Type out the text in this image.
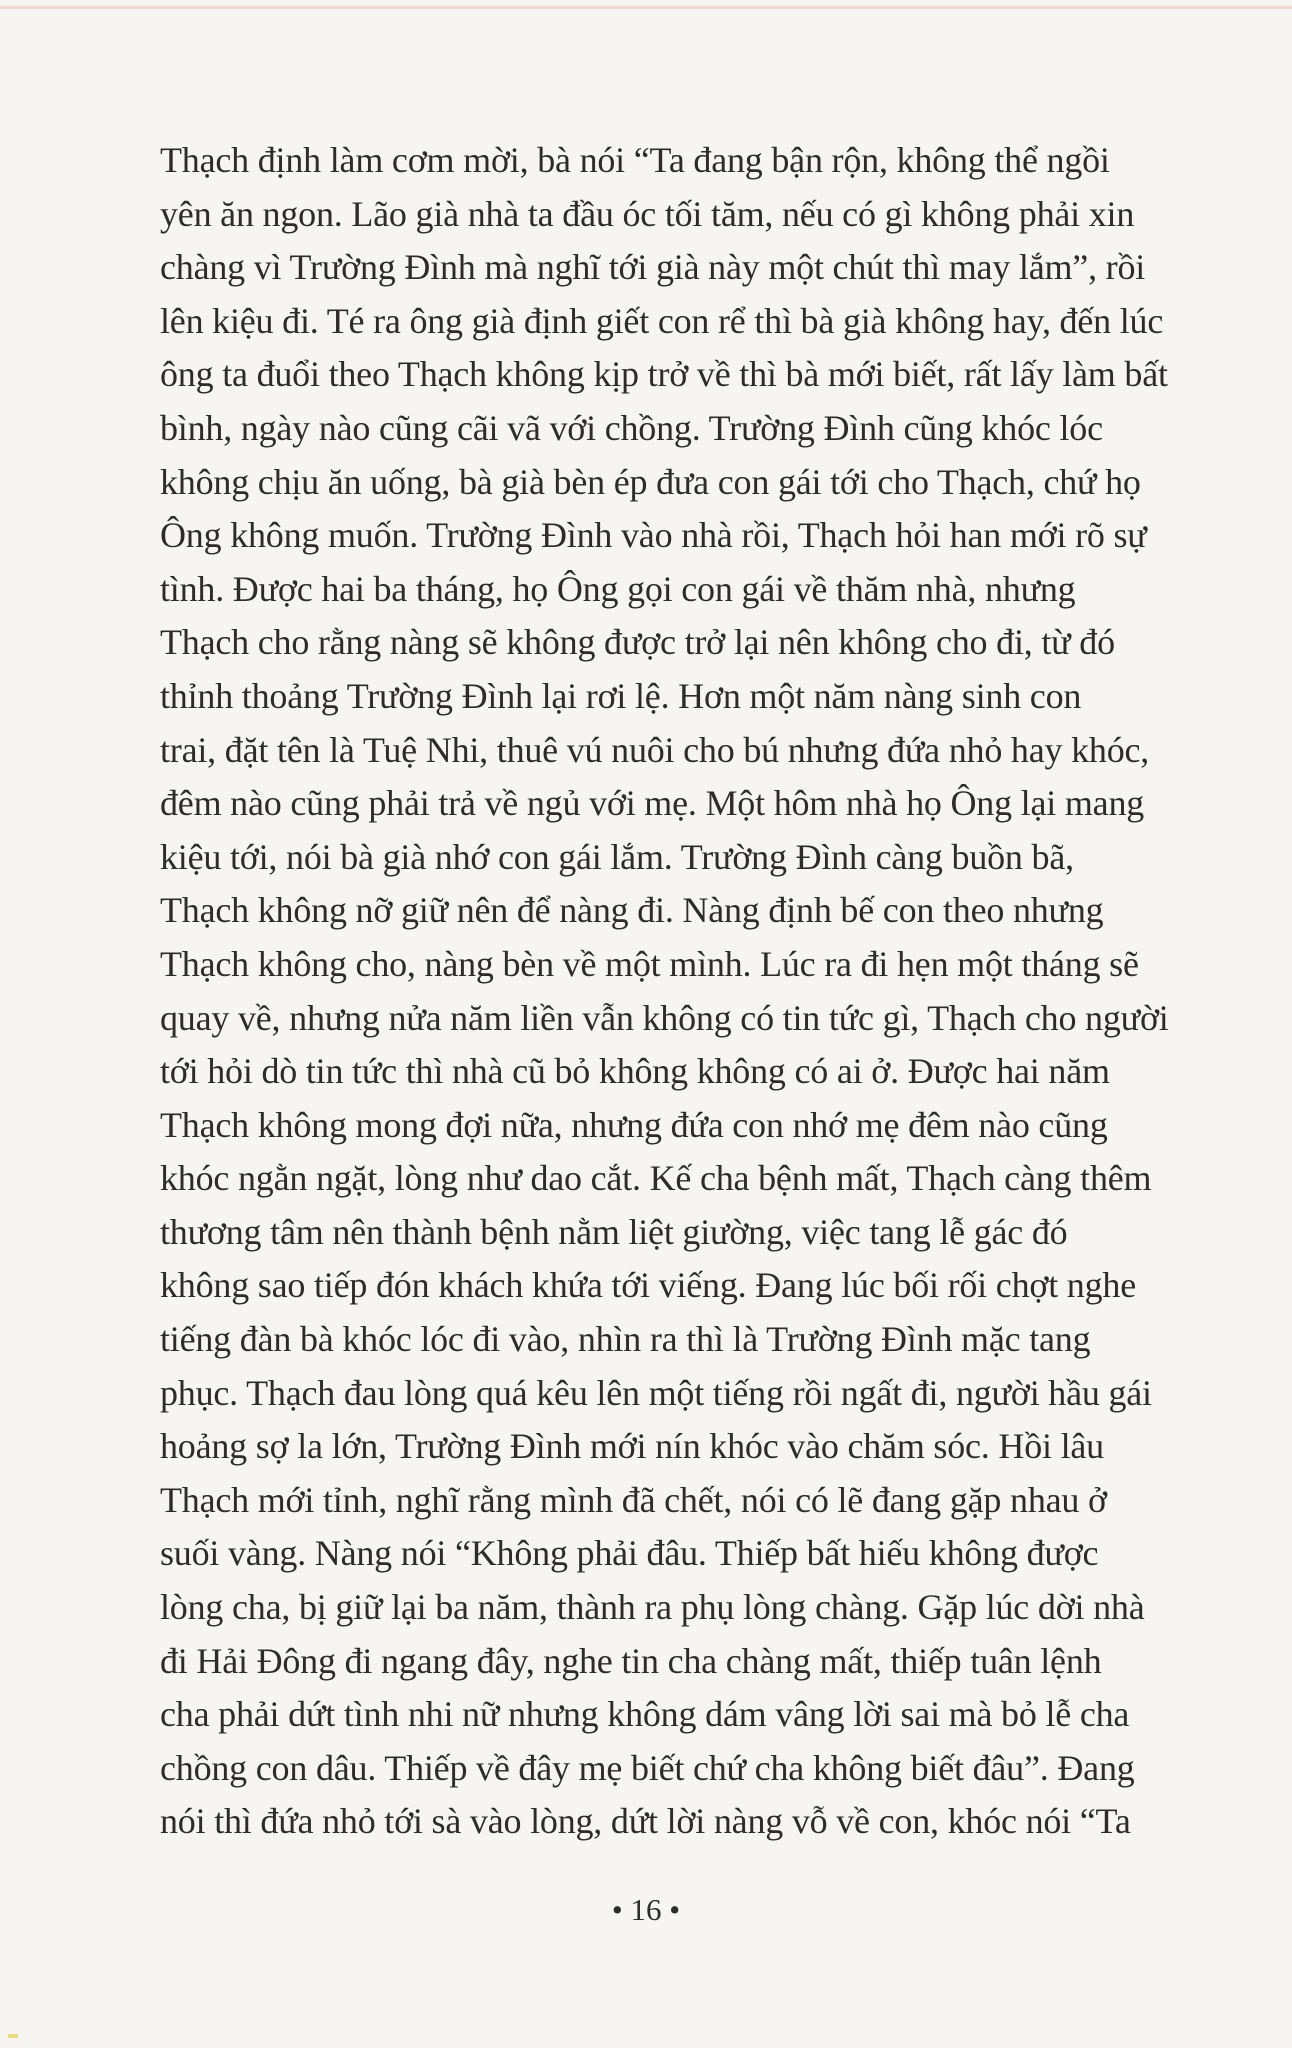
Thạch định làm cơm mời, bà nói “Ta đang bận rộn, không thể ngồi
yên ăn ngon. Lão già nhà ta đầu óc tối tăm, nếu có gì không phải xin
chàng vì Trường Đình mà nghĩ tới già này một chút thì may lắm”, rồi
lên kiệu đi. Té ra ông già định giết con rể thì bà già không hay, đến lúc
ông ta đuổi theo Thạch không kịp trở về thì bà mới biết, rất lấy làm bất
bình, ngày nào cũng cãi vã với chồng. Trường Đình cũng khóc lóc
không chịu ăn uống, bà già bèn ép đưa con gái tới cho Thạch, chứ họ
Ông không muốn. Trường Đình vào nhà rồi, Thạch hỏi han mới rõ sự
tình. Được hai ba tháng, họ Ông gọi con gái về thăm nhà, nhưng
Thạch cho rằng nàng sẽ không được trở lại nên không cho đi, từ đó
thỉnh thoảng Trường Đình lại rơi lệ. Hơn một năm nàng sinh con
trai, đặt tên là Tuệ Nhi, thuê vú nuôi cho bú nhưng đứa nhỏ hay khóc,
đêm nào cũng phải trả về ngủ với mẹ. Một hôm nhà họ Ông lại mang
kiệu tới, nói bà già nhớ con gái lắm. Trường Đình càng buồn bã,
Thạch không nỡ giữ nên để nàng đi. Nàng định bế con theo nhưng
Thạch không cho, nàng bèn về một mình. Lúc ra đi hẹn một tháng sẽ
quay về, nhưng nửa năm liền vẫn không có tin tức gì, Thạch cho người
tới hỏi dò tin tức thì nhà cũ bỏ không không có ai ở. Được hai năm
Thạch không mong đợi nữa, nhưng đứa con nhớ mẹ đêm nào cũng
khóc ngằn ngặt, lòng như dao cắt. Kế cha bệnh mất, Thạch càng thêm
thương tâm nên thành bệnh nằm liệt giường, việc tang lễ gác đó
không sao tiếp đón khách khứa tới viếng. Đang lúc bối rối chợt nghe
tiếng đàn bà khóc lóc đi vào, nhìn ra thì là Trường Đình mặc tang
phục. Thạch đau lòng quá kêu lên một tiếng rồi ngất đi, người hầu gái
hoảng sợ la lớn, Trường Đình mới nín khóc vào chăm sóc. Hồi lâu
Thạch mới tỉnh, nghĩ rằng mình đã chết, nói có lẽ đang gặp nhau ở
suối vàng. Nàng nói “Không phải đâu. Thiếp bất hiếu không được
lòng cha, bị giữ lại ba năm, thành ra phụ lòng chàng. Gặp lúc dời nhà
đi Hải Đông đi ngang đây, nghe tin cha chàng mất, thiếp tuân lệnh
cha phải dứt tình nhi nữ nhưng không dám vâng lời sai mà bỏ lễ cha
chồng con dâu. Thiếp về đây mẹ biết chứ cha không biết đâu”. Đang
nói thì đứa nhỏ tới sà vào lòng, dứt lời nàng vỗ về con, khóc nói “Ta
• 16 •
